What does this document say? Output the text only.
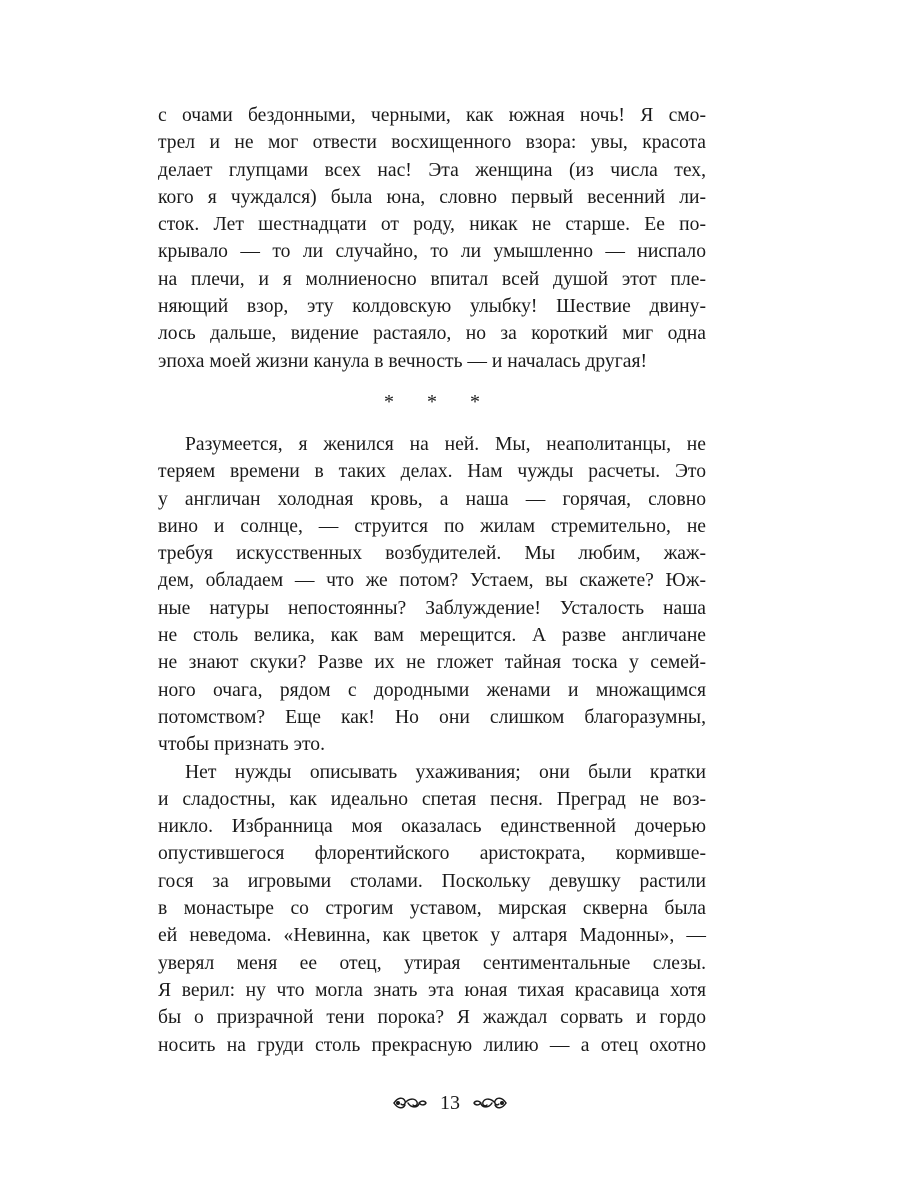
с очами бездонными, черными, как южная ночь! Я смо-
трел и не мог отвести восхищенного взора: увы, красота
делает глупцами всех нас! Эта женщина (из числа тех,
кого я чуждался) была юна, словно первый весенний ли-
сток. Лет шестнадцати от роду, никак не старше. Ее по-
крывало — то ли случайно, то ли умышленно — ниспало
на плечи, и я молниеносно впитал всей душой этот пле-
няющий взор, эту колдовскую улыбку! Шествие двину-
лось дальше, видение растаяло, но за короткий миг одна
эпоха моей жизни канула в вечность — и началась другая!
* * *
Разумеется, я женился на ней. Мы, неаполитанцы, не
теряем времени в таких делах. Нам чужды расчеты. Это
у англичан холодная кровь, а наша — горячая, словно
вино и солнце, — струится по жилам стремительно, не
требуя искусственных возбудителей. Мы любим, жаж-
дем, обладаем — что же потом? Устаем, вы скажете? Юж-
ные натуры непостоянны? Заблуждение! Усталость наша
не столь велика, как вам мерещится. А разве англичане
не знают скуки? Разве их не гложет тайная тоска у семей-
ного очага, рядом с дородными женами и множащимся
потомством? Еще как! Но они слишком благоразумны,
чтобы признать это.
Нет нужды описывать ухаживания; они были кратки
и сладостны, как идеально спетая песня. Преград не воз-
никло. Избранница моя оказалась единственной дочерью
опустившегося флорентийского аристократа, кормивше-
гося за игровыми столами. Поскольку девушку растили
в монастыре со строгим уставом, мирская скверна была
ей неведома. «Невинна, как цветок у алтаря Мадонны», —
уверял меня ее отец, утирая сентиментальные слезы.
Я верил: ну что могла знать эта юная тихая красавица хотя
бы о призрачной тени порока? Я жаждал сорвать и гордо
носить на груди столь прекрасную лилию — а отец охотно
13
